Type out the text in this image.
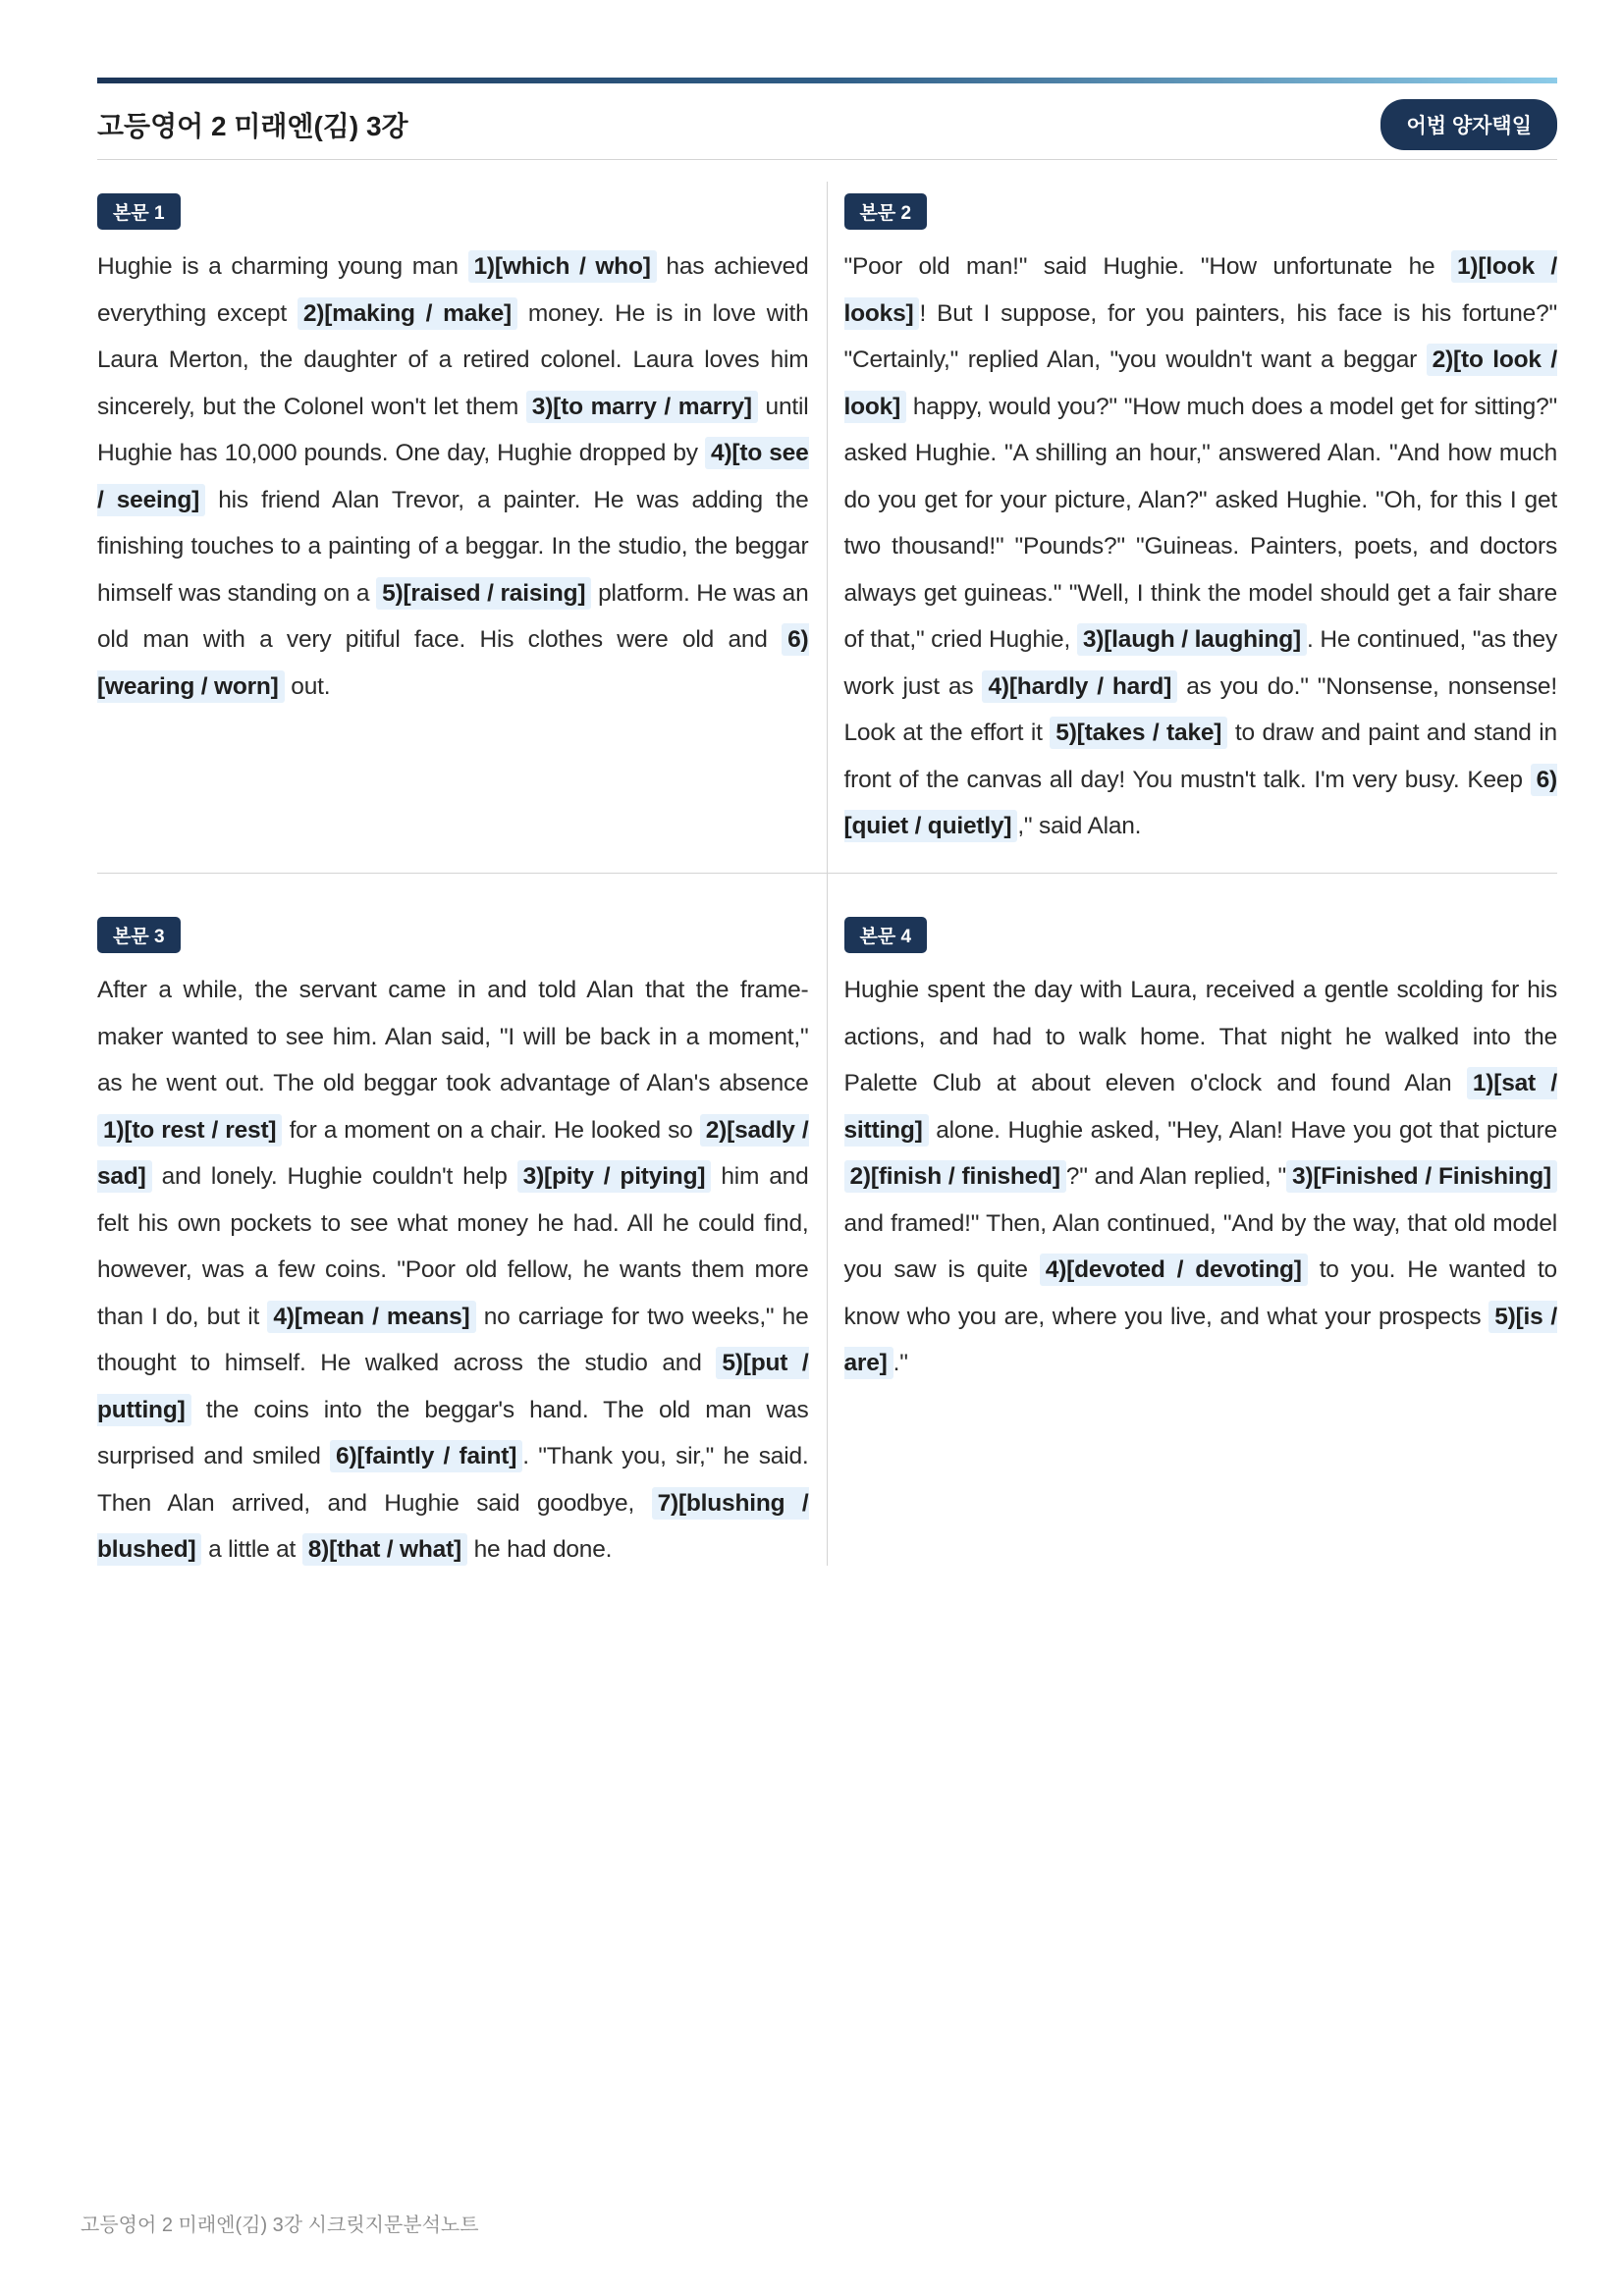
고등영어 2 미래엔(김) 3강	어법 양자택일
본문 1

Hughie is a charming young man 1)[which / who] has achieved everything except 2)[making / make] money. He is in love with Laura Merton, the daughter of a retired colonel. Laura loves him sincerely, but the Colonel won't let them 3)[to marry / marry] until Hughie has 10,000 pounds. One day, Hughie dropped by 4)[to see / seeing] his friend Alan Trevor, a painter. He was adding the finishing touches to a painting of a beggar. In the studio, the beggar himself was standing on a 5)[raised / raising] platform. He was an old man with a very pitiful face. His clothes were old and 6)[wearing / worn] out.

본문 2

"Poor old man!" said Hughie. "How unfortunate he 1)[look / looks] ! But I suppose, for you painters, his face is his fortune?" "Certainly," replied Alan, "you wouldn't want a beggar 2)[to look / look] happy, would you?" "How much does a model get for sitting?" asked Hughie. "A shilling an hour," answered Alan. "And how much do you get for your picture, Alan?" asked Hughie. "Oh, for this I get two thousand!" "Pounds?" "Guineas. Painters, poets, and doctors always get guineas." "Well, I think the model should get a fair share of that," cried Hughie, 3)[laugh / laughing] . He continued, "as they work just as 4)[hardly / hard] as you do." "Nonsense, nonsense! Look at the effort it 5)[takes / take] to draw and paint and stand in front of the canvas all day! You mustn't talk. I'm very busy. Keep 6)[quiet / quietly] ," said Alan.

본문 3

After a while, the servant came in and told Alan that the frame-maker wanted to see him. Alan said, "I will be back in a moment," as he went out. The old beggar took advantage of Alan's absence 1)[to rest / rest] for a moment on a chair. He looked so 2)[sadly / sad] and lonely. Hughie couldn't help 3)[pity / pitying] him and felt his own pockets to see what money he had. All he could find, however, was a few coins. "Poor old fellow, he wants them more than I do, but it 4)[mean / means] no carriage for two weeks," he thought to himself. He walked across the studio and 5)[put / putting] the coins into the beggar's hand. The old man was surprised and smiled 6)[faintly / faint] . "Thank you, sir," he said. Then Alan arrived, and Hughie said goodbye, 7)[blushing / blushed] a little at 8)[that / what] he had done.

본문 4

Hughie spent the day with Laura, received a gentle scolding for his actions, and had to walk home. That night he walked into the Palette Club at about eleven o'clock and found Alan 1)[sat / sitting] alone. Hughie asked, "Hey, Alan! Have you got that picture 2)[finish / finished] ?" and Alan replied, " 3)[Finished / Finishing] and framed!" Then, Alan continued, "And by the way, that old model you saw is quite 4)[devoted / devoting] to you. He wanted to know who you are, where you live, and what your prospects 5)[is / are] ."

고등영어 2 미래엔(김) 3강 시크릿지문분석노트
